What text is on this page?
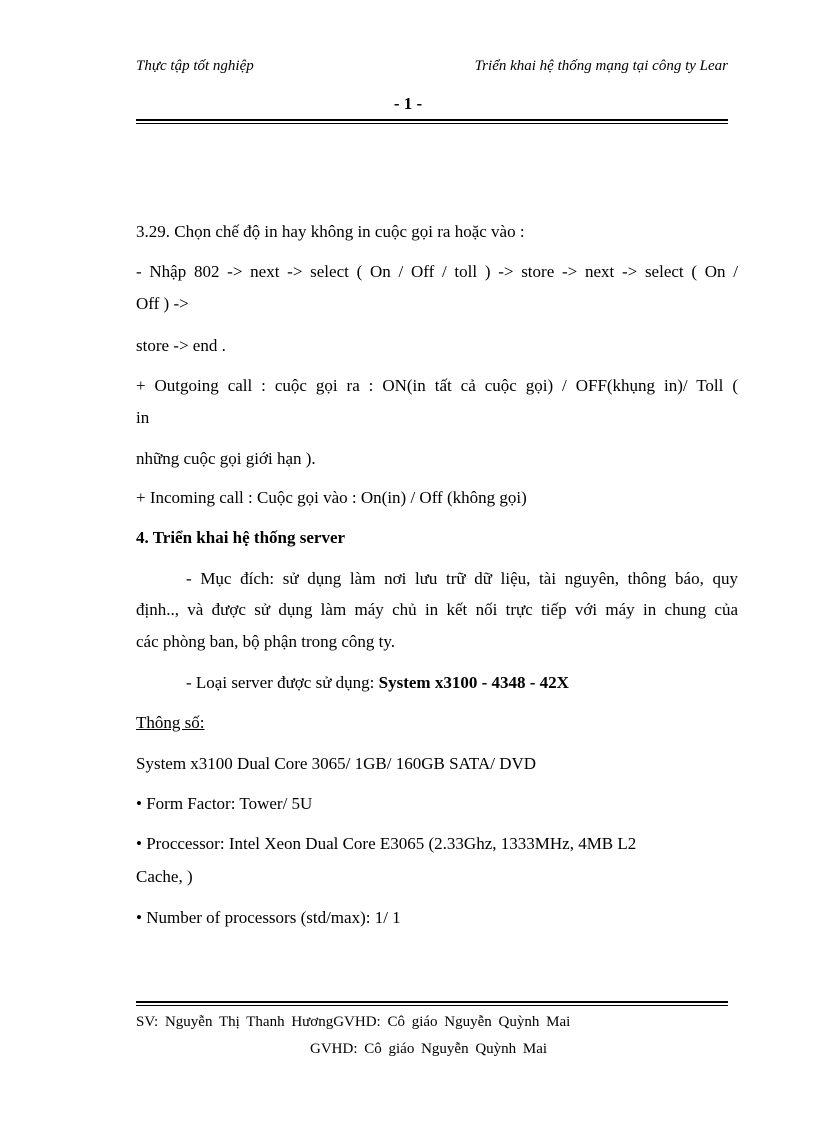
Thực tập tốt nghiệp	Triển khai hệ thống mạng tại công ty Lear
- 1 -
3.29. Chọn chế độ in hay không in cuộc gọi ra hoặc vào :
- Nhập 802 -> next -> select ( On / Off / toll ) -> store -> next -> select ( On /
Off ) ->
store -> end .
+ Outgoing call : cuộc gọi ra : ON(in tất cả cuộc gọi) / OFF(khụng in)/ Toll (
in
những cuộc gọi giới hạn ).
+ Incoming call : Cuộc gọi vào : On(in) / Off (không gọi)
4. Triển khai hệ thống server
- Mục đích: sử dụng làm nơi lưu trữ dữ liệu, tài nguyên, thông báo, quy
định.., và được sử dụng làm máy chủ in kết nối trực tiếp với máy in chung của
các phòng ban, bộ phận trong công ty.
- Loại server được sử dụng: System x3100 - 4348 - 42X
Thông số:
System x3100 Dual Core 3065/ 1GB/ 160GB SATA/ DVD
• Form Factor: Tower/ 5U
• Proccessor: Intel Xeon Dual Core E3065 (2.33Ghz, 1333MHz, 4MB L2
Cache, )
• Number of processors (std/max): 1/ 1
SV: Nguyễn Thị Thanh HươngGVHD: Cô giáo Nguyễn Quỳnh Mai
GVHD: Cô giáo Nguyễn Quỳnh Mai
